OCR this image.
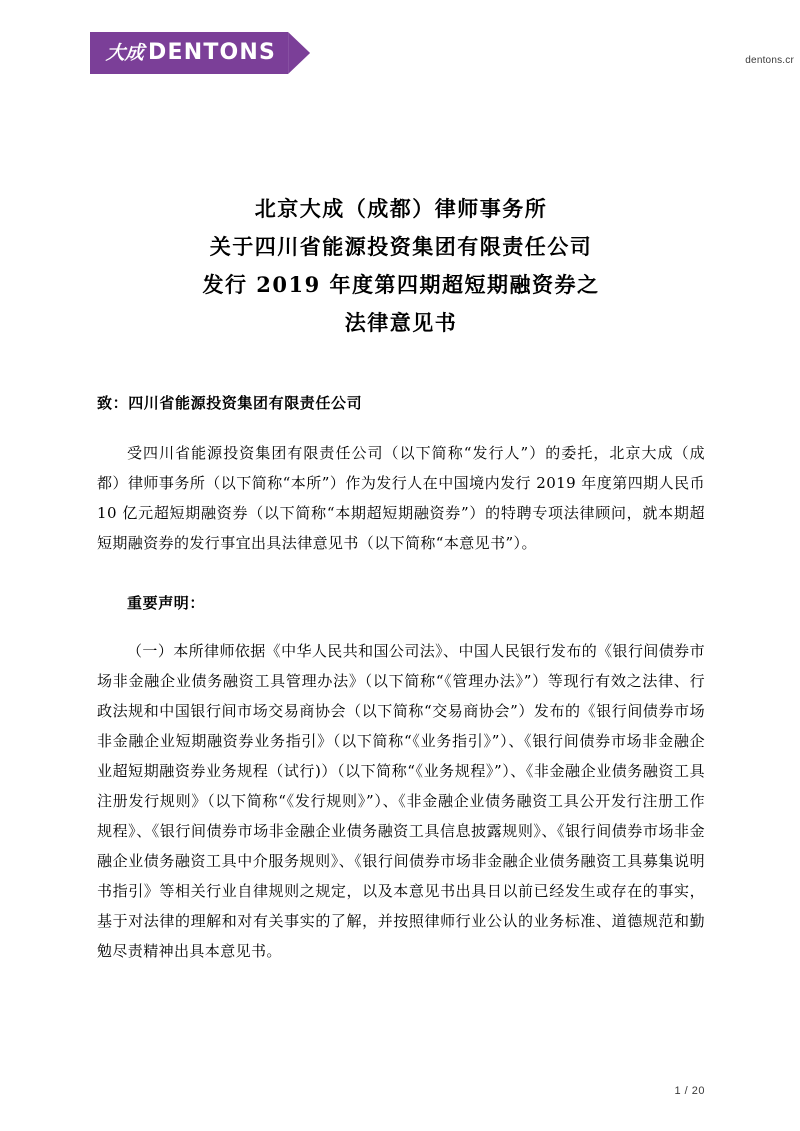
大成 DENTONS	dentons.cr
北京大成（成都）律师事务所
关于四川省能源投资集团有限责任公司
发行 2019 年度第四期超短期融资券之
法律意见书
致：四川省能源投资集团有限责任公司

受四川省能源投资集团有限责任公司（以下简称“发行人”）的委托，北京大成（成都）律师事务所（以下简称“本所”）作为发行人在中国境内发行 2019 年度第四期人民币 10 亿元超短期融资券（以下简称“本期超短期融资券”）的特聘专项法律顾问，就本期超短期融资券的发行事宜出具法律意见书（以下简称“本意见书”）。

重要声明：

（一）本所律师依据《中华人民共和国公司法》、中国人民银行发布的《银行间债券市场非金融企业债务融资工具管理办法》（以下简称“《管理办法》”）等现行有效之法律、行政法规和中国银行间市场交易商协会（以下简称“交易商协会”）发布的《银行间债券市场非金融企业短期融资券业务指引》（以下简称“《业务指引》”）、《银行间债券市场非金融企业超短期融资券业务规程（试行)）（以下简称“《业务规程》”）、《非金融企业债务融资工具注册发行规则》（以下简称“《发行规则》”）、《非金融企业债务融资工具公开发行注册工作规程》、《银行间债券市场非金融企业债务融资工具信息披露规则》、《银行间债券市场非金融企业债务融资工具中介服务规则》、《银行间债券市场非金融企业债务融资工具募集说明书指引》等相关行业自律规则之规定，以及本意见书出具日以前已经发生或存在的事实，基于对法律的理解和对有关事实的了解，并按照律师行业公认的业务标准、道德规范和勤勉尽责精神出具本意见书。

1 / 20
